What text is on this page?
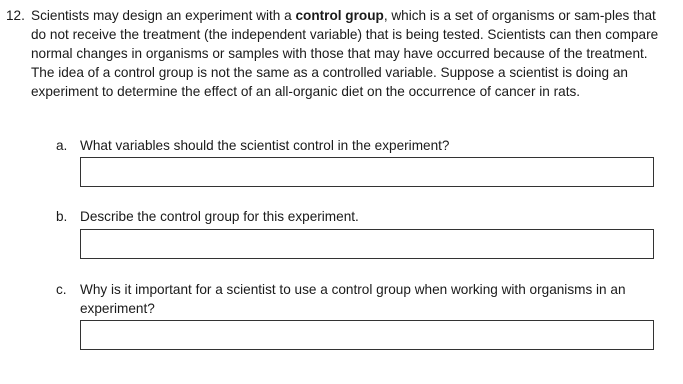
12. Scientists may design an experiment with a control group, which is a set of organisms or sam-ples that do not receive the treatment (the independent variable) that is being tested. Scientists can then compare normal changes in organisms or samples with those that may have occurred because of the treatment. The idea of a control group is not the same as a controlled variable. Suppose a scientist is doing an experiment to determine the effect of an all-organic diet on the occurrence of cancer in rats.
a. What variables should the scientist control in the experiment?
b. Describe the control group for this experiment.
c. Why is it important for a scientist to use a control group when working with organisms in an experiment?
